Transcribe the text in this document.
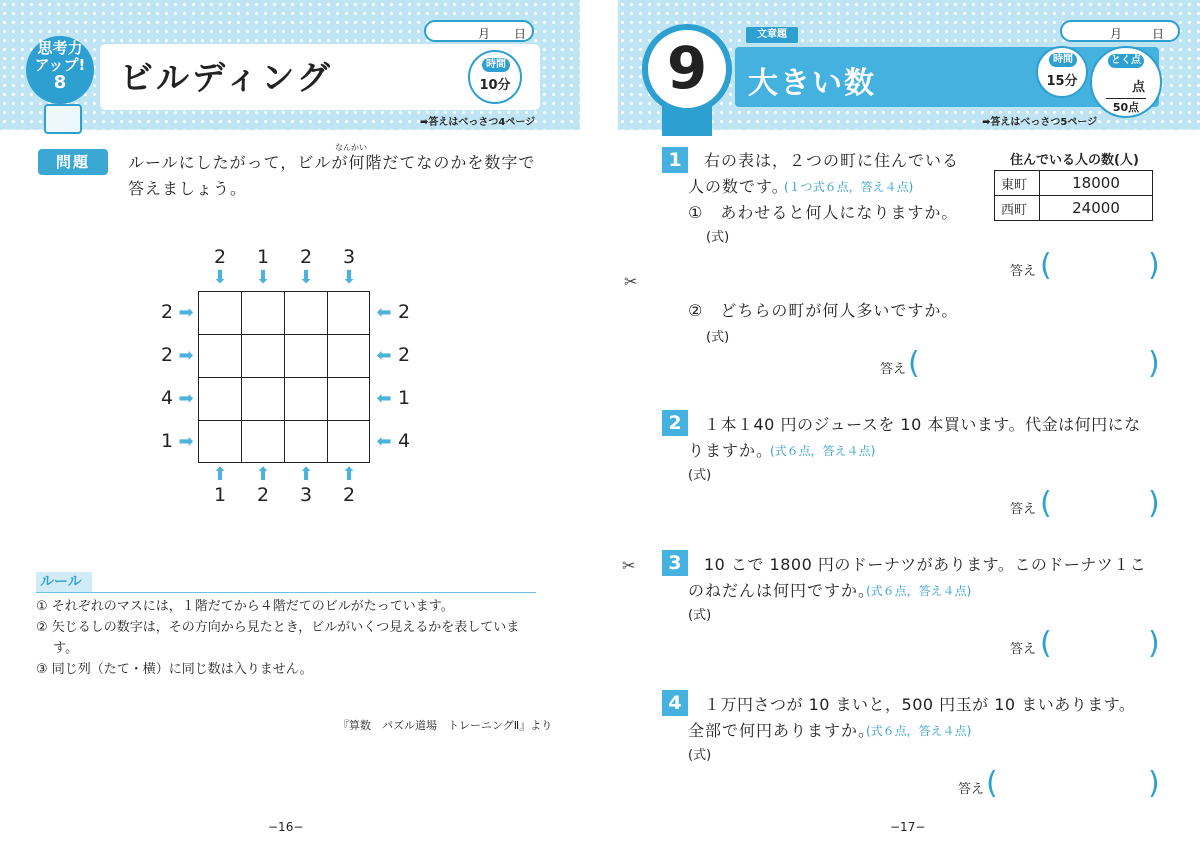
思考力
アップ!
8	ビルディング
月 日
時間
10分
➡答えはべっさつ4ページ
問題
なんかい
ルールにしたがって，ビルが何階だてなのかを数字で
答えましょう。
2	1	2	3
⬇ ⬇ ⬇ ⬇
⬆ ⬆ ⬆ ⬆
1	2	3	2
2
2
4
1
➡
➡
➡
➡
⬅
⬅
⬅
⬅
2
2
1
4
ルール
① それぞれのマスには，１階だてから４階だてのビルがたっています。
② 矢じるしの数字は，その方向から見たとき，ビルがいくつ見えるかを表していま
　 す。
③ 同じ列（たて・横）に同じ数は入りません。
『算数　パズル道場　トレーニングⅡ』より
−16−
9	文章題
大きい数
月 日
時間
15分
とく点
点
50点
➡答えはべっさつ5ページ
✂
✂
1	右の表は，２つの町に住んでいる
人の数です。
(１つ式６点，答え４点)
①　あわせると何人になりますか。
(式)
答え (	)
②　どちらの町が何人多いですか。
(式)
答え (	)
住んでいる人の数(人)
東町	18000
西町	24000
2	１本１40 円のジュースを 10 本買います。代金は何円にな
りますか。
(式６点，答え４点)
(式)
答え (	)
3	10 こで 1800 円のドーナツがあります。このドーナツ１こ
のねだんは何円ですか。
(式６点，答え４点)
(式)
答え (	)
4	１万円さつが 10 まいと，500 円玉が 10 まいあります。
全部で何円ありますか。
(式６点，答え４点)
(式)
答え (	)
−17−
